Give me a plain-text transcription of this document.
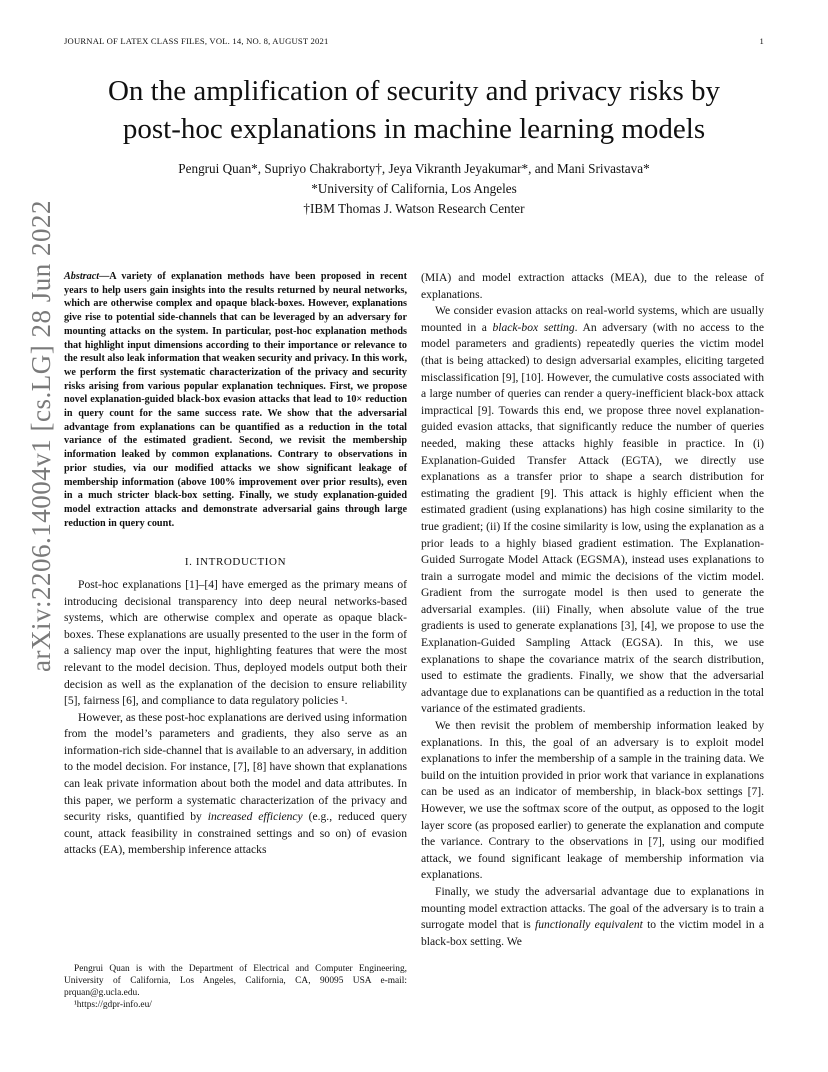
JOURNAL OF LATEX CLASS FILES, VOL. 14, NO. 8, AUGUST 2021	1
arXiv:2206.14004v1 [cs.LG] 28 Jun 2022
On the amplification of security and privacy risks by
post-hoc explanations in machine learning models
Pengrui Quan*, Supriyo Chakraborty†, Jeya Vikranth Jeyakumar*, and Mani Srivastava*
*University of California, Los Angeles
†IBM Thomas J. Watson Research Center

Abstract—A variety of explanation methods have been proposed in recent years to help users gain insights into the results returned by neural networks, which are otherwise complex and opaque black-boxes. However, explanations give rise to potential side-channels that can be leveraged by an adversary for mounting attacks on the system. In particular, post-hoc explanation methods that highlight input dimensions according to their importance or relevance to the result also leak information that weaken security and privacy. In this work, we perform the first systematic characterization of the privacy and security risks arising from various popular explanation techniques. First, we propose novel explanation-guided black-box evasion attacks that lead to 10× reduction in query count for the same success rate. We show that the adversarial advantage from explanations can be quantified as a reduction in the total variance of the estimated gradient. Second, we revisit the membership information leaked by common explanations. Contrary to observations in prior studies, via our modified attacks we show significant leakage of membership information (above 100% improvement over prior results), even in a much stricter black-box setting. Finally, we study explanation-guided model extraction attacks and demonstrate adversarial gains through large reduction in query count.

I. INTRODUCTION

Post-hoc explanations [1]–[4] have emerged as the primary means of introducing decisional transparency into deep neural networks-based systems, which are otherwise complex and operate as opaque black-boxes. These explanations are usually presented to the user in the form of a saliency map over the input, highlighting features that were the most relevant to the model decision. Thus, deployed models output both their decision as well as the explanation of the decision to ensure reliability [5], fairness [6], and compliance to data regulatory policies ¹.

However, as these post-hoc explanations are derived using information from the model’s parameters and gradients, they also serve as an information-rich side-channel that is available to an adversary, in addition to the model decision. For instance, [7], [8] have shown that explanations can leak private information about both the model and data attributes. In this paper, we perform a systematic characterization of the privacy and security risks, quantified by increased efficiency (e.g., reduced query count, attack feasibility in constrained settings and so on) of evasion attacks (EA), membership inference attacks

Pengrui Quan is with the Department of Electrical and Computer Engineering, University of California, Los Angeles, California, CA, 90095 USA e-mail: prquan@g.ucla.edu.

¹https://gdpr-info.eu/

(MIA) and model extraction attacks (MEA), due to the release of explanations.

We consider evasion attacks on real-world systems, which are usually mounted in a black-box setting. An adversary (with no access to the model parameters and gradients) repeatedly queries the victim model (that is being attacked) to design adversarial examples, eliciting targeted misclassification [9], [10]. However, the cumulative costs associated with a large number of queries can render a query-inefficient black-box attack impractical [9]. Towards this end, we propose three novel explanation-guided evasion attacks, that significantly reduce the number of queries needed, making these attacks highly feasible in practice. In (i) Explanation-Guided Transfer Attack (EGTA), we directly use explanations as a transfer prior to shape a search distribution for estimating the gradient [9]. This attack is highly efficient when the estimated gradient (using explanations) has high cosine similarity to the true gradient; (ii) If the cosine similarity is low, using the explanation as a prior leads to a highly biased gradient estimation. The Explanation-Guided Surrogate Model Attack (EGSMA), instead uses explanations to train a surrogate model and mimic the decisions of the victim model. Gradient from the surrogate model is then used to generate the adversarial examples. (iii) Finally, when absolute value of the true gradients is used to generate explanations [3], [4], we propose to use the Explanation-Guided Sampling Attack (EGSA). In this, we use explanations to shape the covariance matrix of the search distribution, used to estimate the gradients. Finally, we show that the adversarial advantage due to explanations can be quantified as a reduction in the total variance of the estimated gradients.

We then revisit the problem of membership information leaked by explanations. In this, the goal of an adversary is to exploit model explanations to infer the membership of a sample in the training data. We build on the intuition provided in prior work that variance in explanations can be used as an indicator of membership, in black-box settings [7]. However, we use the softmax score of the output, as opposed to the logit layer score (as proposed earlier) to generate the explanation and compute the variance. Contrary to the observations in [7], using our modified attack, we found significant leakage of membership information via explanations.

Finally, we study the adversarial advantage due to explanations in mounting model extraction attacks. The goal of the adversary is to train a surrogate model that is functionally equivalent to the victim model in a black-box setting. We
